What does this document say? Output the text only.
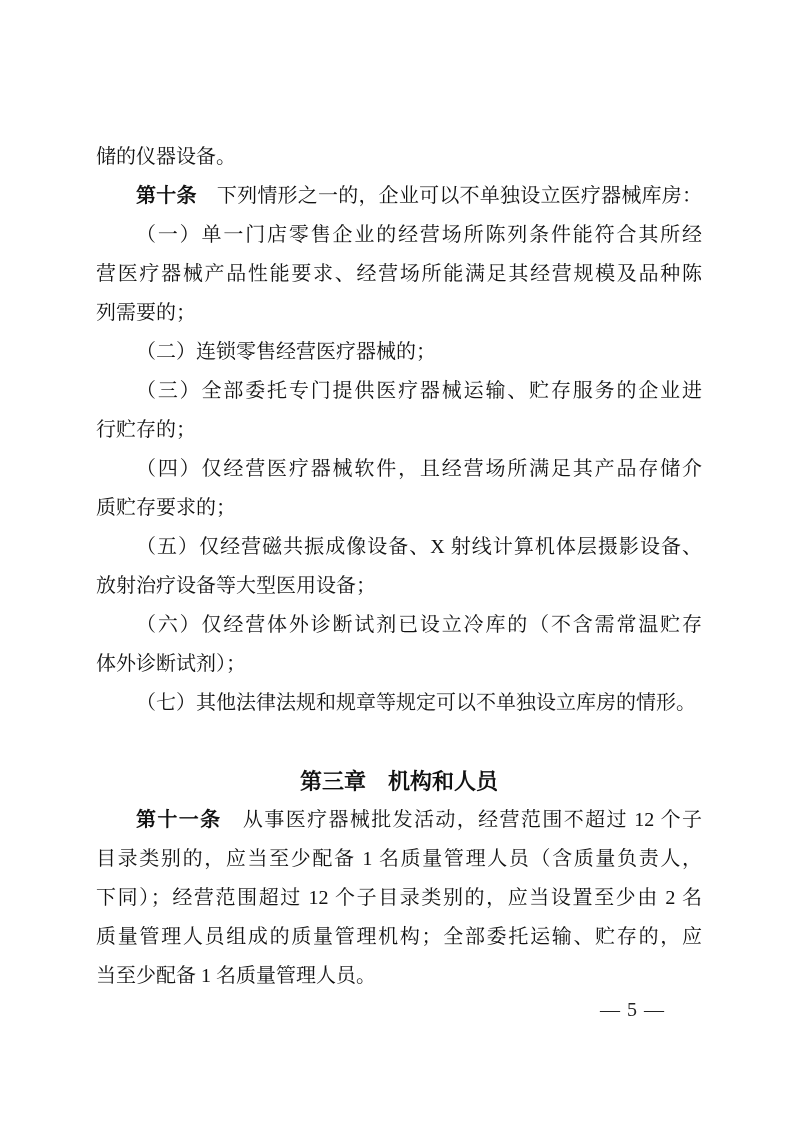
储的仪器设备。
第十条　下列情形之一的，企业可以不单独设立医疗器械库房：
（一）单一门店零售企业的经营场所陈列条件能符合其所经
营医疗器械产品性能要求、经营场所能满足其经营规模及品种陈
列需要的；
（二）连锁零售经营医疗器械的；
（三）全部委托专门提供医疗器械运输、贮存服务的企业进
行贮存的；
（四）仅经营医疗器械软件，且经营场所满足其产品存储介
质贮存要求的；
（五）仅经营磁共振成像设备、X 射线计算机体层摄影设备、
放射治疗设备等大型医用设备；
（六）仅经营体外诊断试剂已设立冷库的（不含需常温贮存
体外诊断试剂）；
（七）其他法律法规和规章等规定可以不单独设立库房的情形。
第三章　机构和人员
第十一条　从事医疗器械批发活动，经营范围不超过 12 个子
目录类别的，应当至少配备 1 名质量管理人员（含质量负责人，
下同）；经营范围超过 12 个子目录类别的，应当设置至少由 2 名
质量管理人员组成的质量管理机构；全部委托运输、贮存的，应
当至少配备 1 名质量管理人员。
— 5 —
